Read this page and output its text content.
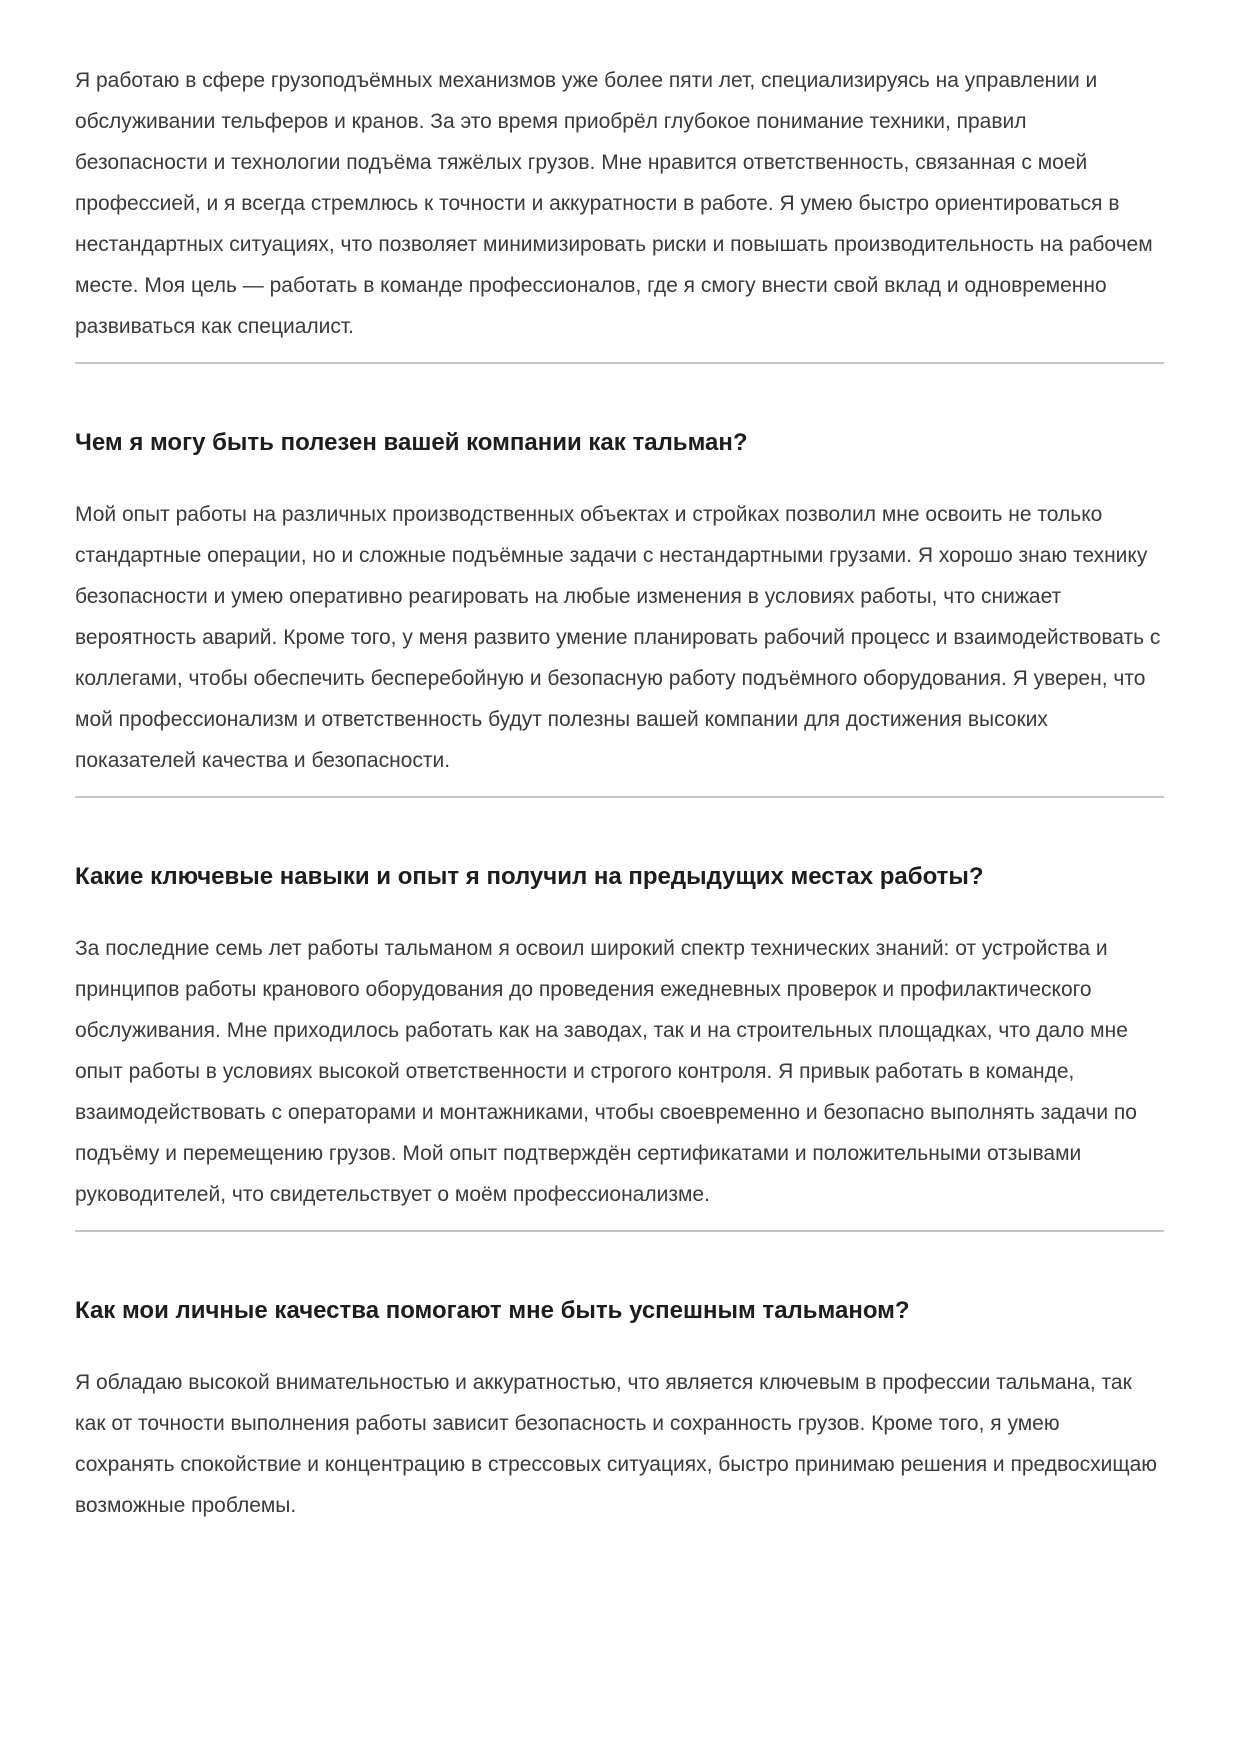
Я работаю в сфере грузоподъёмных механизмов уже более пяти лет, специализируясь на управлении и обслуживании тельферов и кранов. За это время приобрёл глубокое понимание техники, правил безопасности и технологии подъёма тяжёлых грузов. Мне нравится ответственность, связанная с моей профессией, и я всегда стремлюсь к точности и аккуратности в работе. Я умею быстро ориентироваться в нестандартных ситуациях, что позволяет минимизировать риски и повышать производительность на рабочем месте. Моя цель — работать в команде профессионалов, где я смогу внести свой вклад и одновременно развиваться как специалист.

Чем я могу быть полезен вашей компании как тальман?

Мой опыт работы на различных производственных объектах и стройках позволил мне освоить не только стандартные операции, но и сложные подъёмные задачи с нестандартными грузами. Я хорошо знаю технику безопасности и умею оперативно реагировать на любые изменения в условиях работы, что снижает вероятность аварий. Кроме того, у меня развито умение планировать рабочий процесс и взаимодействовать с коллегами, чтобы обеспечить бесперебойную и безопасную работу подъёмного оборудования. Я уверен, что мой профессионализм и ответственность будут полезны вашей компании для достижения высоких показателей качества и безопасности.

Какие ключевые навыки и опыт я получил на предыдущих местах работы?

За последние семь лет работы тальманом я освоил широкий спектр технических знаний: от устройства и принципов работы кранового оборудования до проведения ежедневных проверок и профилактического обслуживания. Мне приходилось работать как на заводах, так и на строительных площадках, что дало мне опыт работы в условиях высокой ответственности и строгого контроля. Я привык работать в команде, взаимодействовать с операторами и монтажниками, чтобы своевременно и безопасно выполнять задачи по подъёму и перемещению грузов. Мой опыт подтверждён сертификатами и положительными отзывами руководителей, что свидетельствует о моём профессионализме.

Как мои личные качества помогают мне быть успешным тальманом?

Я обладаю высокой внимательностью и аккуратностью, что является ключевым в профессии тальмана, так как от точности выполнения работы зависит безопасность и сохранность грузов. Кроме того, я умею сохранять спокойствие и концентрацию в стрессовых ситуациях, быстро принимаю решения и предвосхищаю возможные проблемы.
